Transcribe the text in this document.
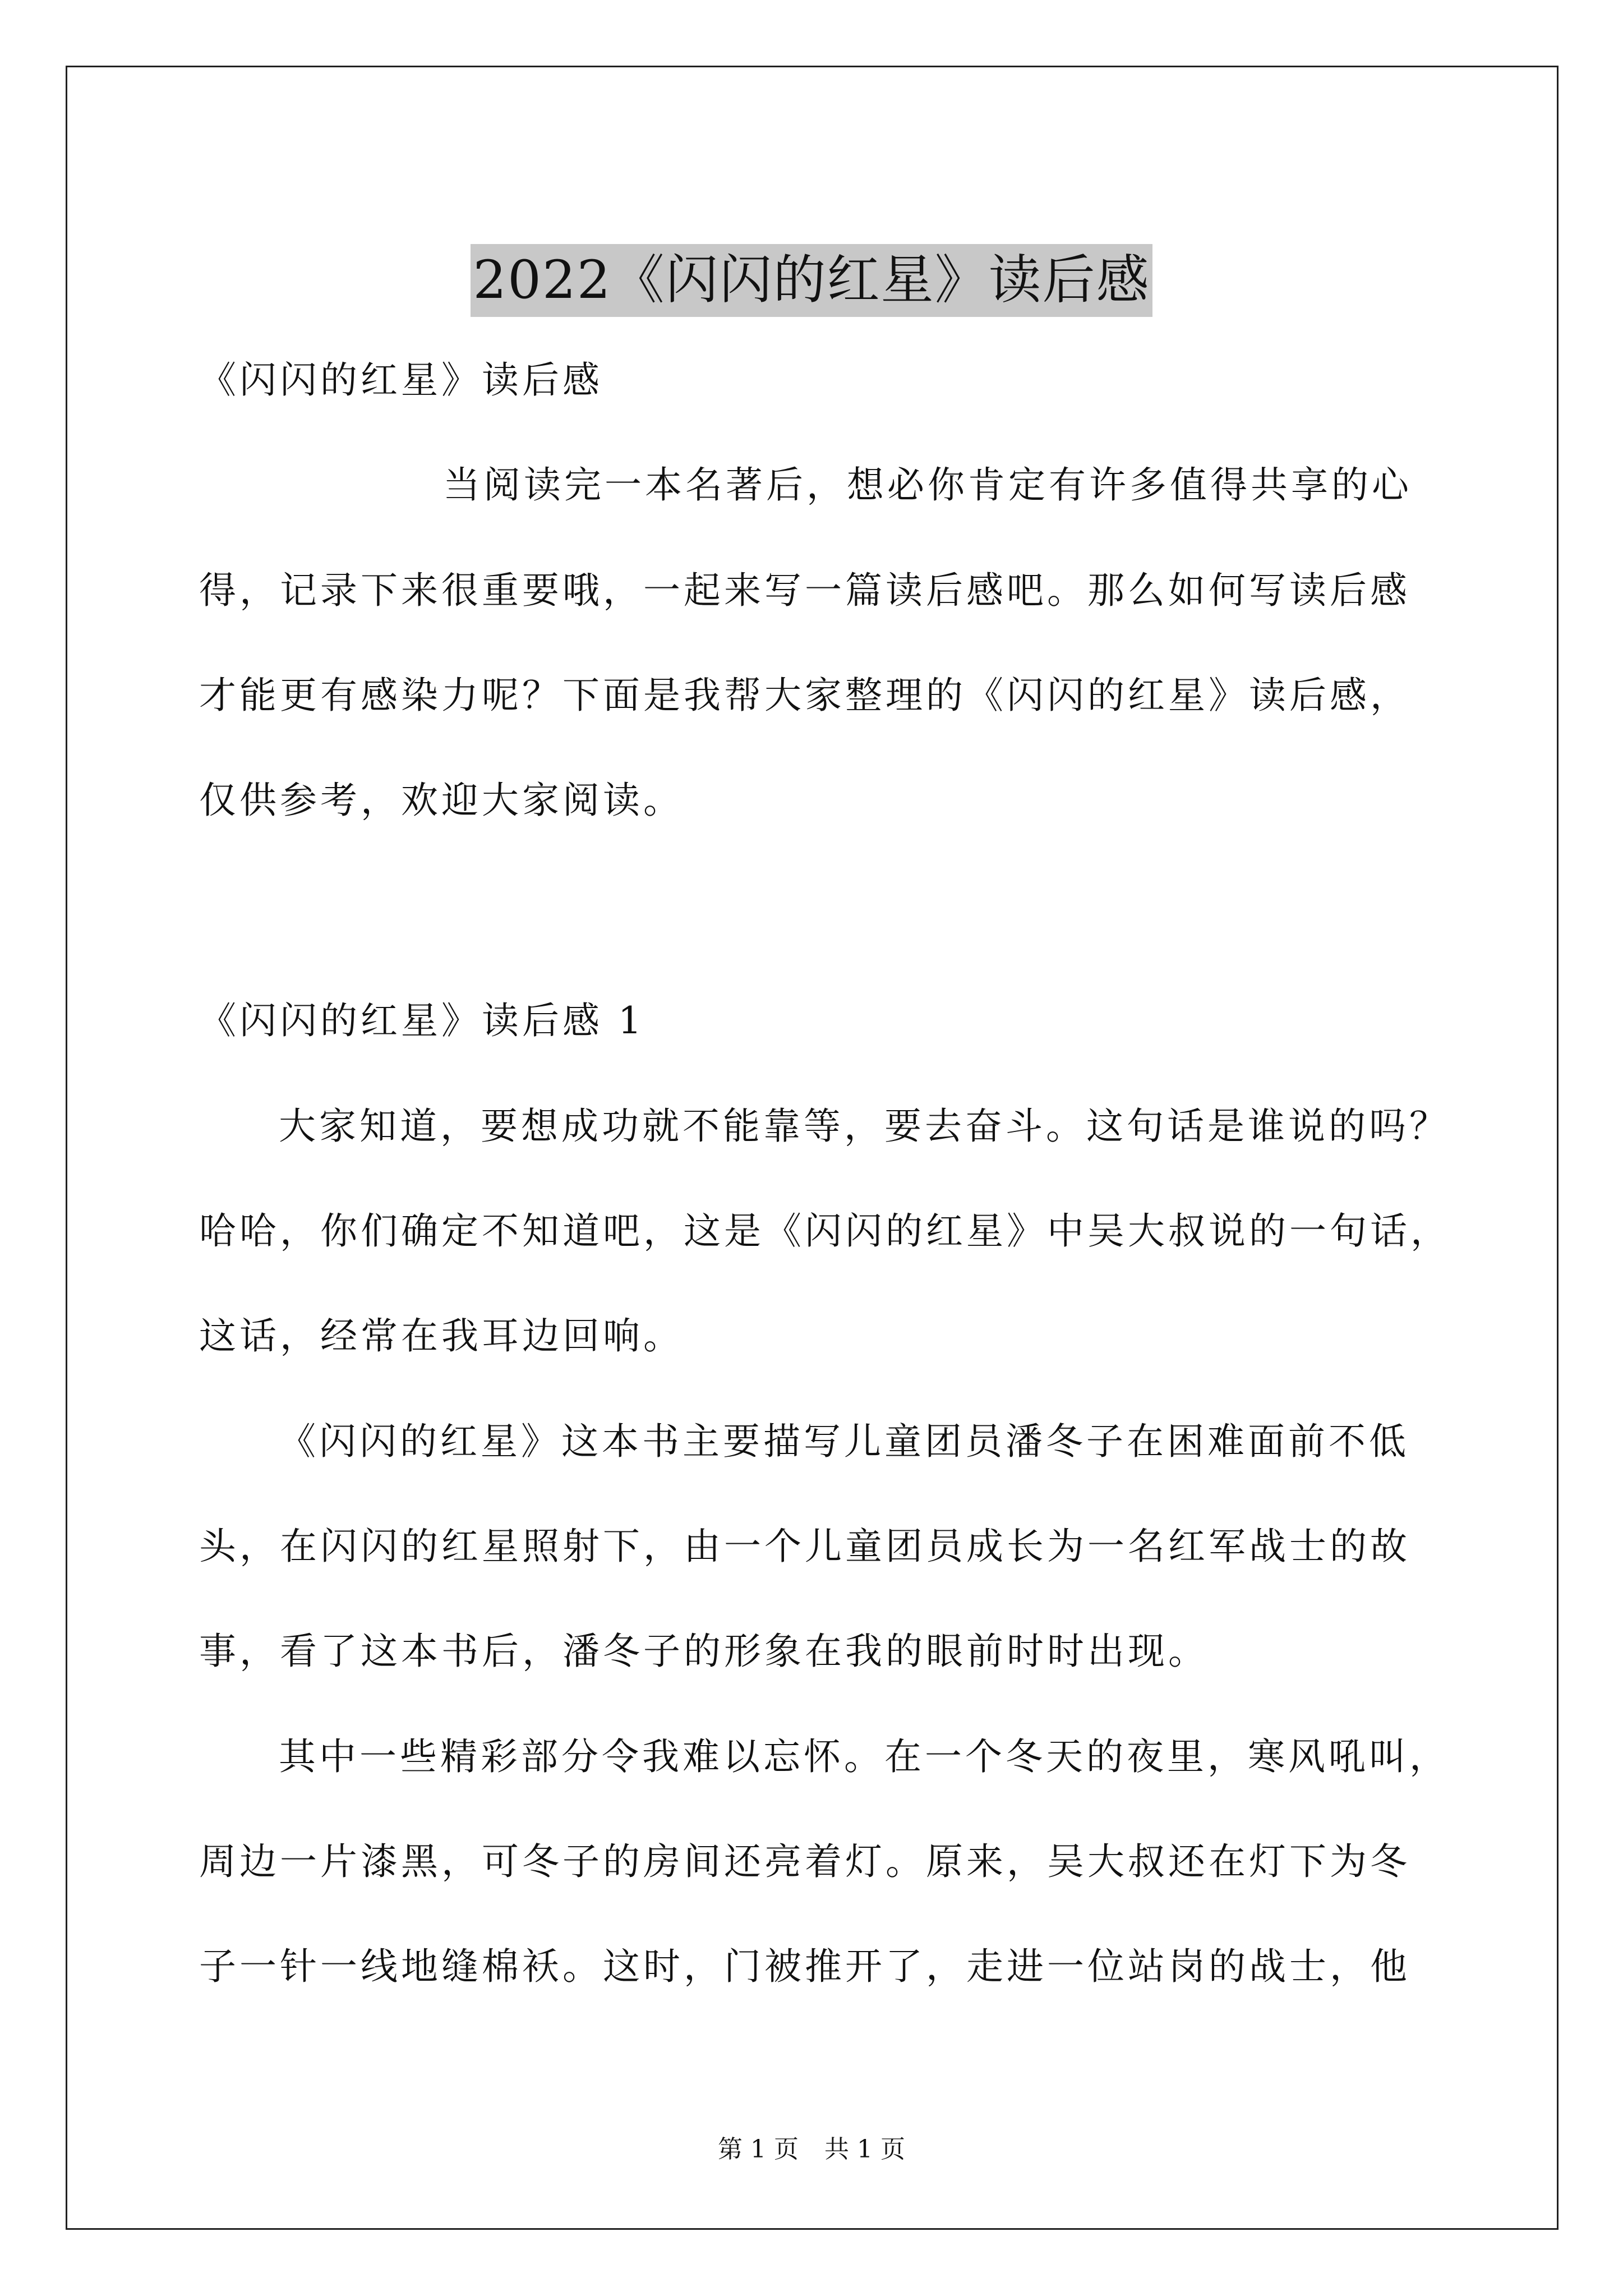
2022《闪闪的红星》读后感
《闪闪的红星》读后感
当阅读完一本名著后，想必你肯定有许多值得共享的心
得，记录下来很重要哦，一起来写一篇读后感吧。那么如何写读后感
才能更有感染力呢？下面是我帮大家整理的《闪闪的红星》读后感，
仅供参考，欢迎大家阅读。
《闪闪的红星》读后感 1
大家知道，要想成功就不能靠等，要去奋斗。这句话是谁说的吗？
哈哈，你们确定不知道吧，这是《闪闪的红星》中吴大叔说的一句话，
这话，经常在我耳边回响。
《闪闪的红星》这本书主要描写儿童团员潘冬子在困难面前不低
头，在闪闪的红星照射下，由一个儿童团员成长为一名红军战士的故
事，看了这本书后，潘冬子的形象在我的眼前时时出现。
其中一些精彩部分令我难以忘怀。在一个冬天的夜里，寒风吼叫，
周边一片漆黑，可冬子的房间还亮着灯。原来，吴大叔还在灯下为冬
子一针一线地缝棉袄。这时，门被推开了，走进一位站岗的战士，他
第 1 页 共 1 页
